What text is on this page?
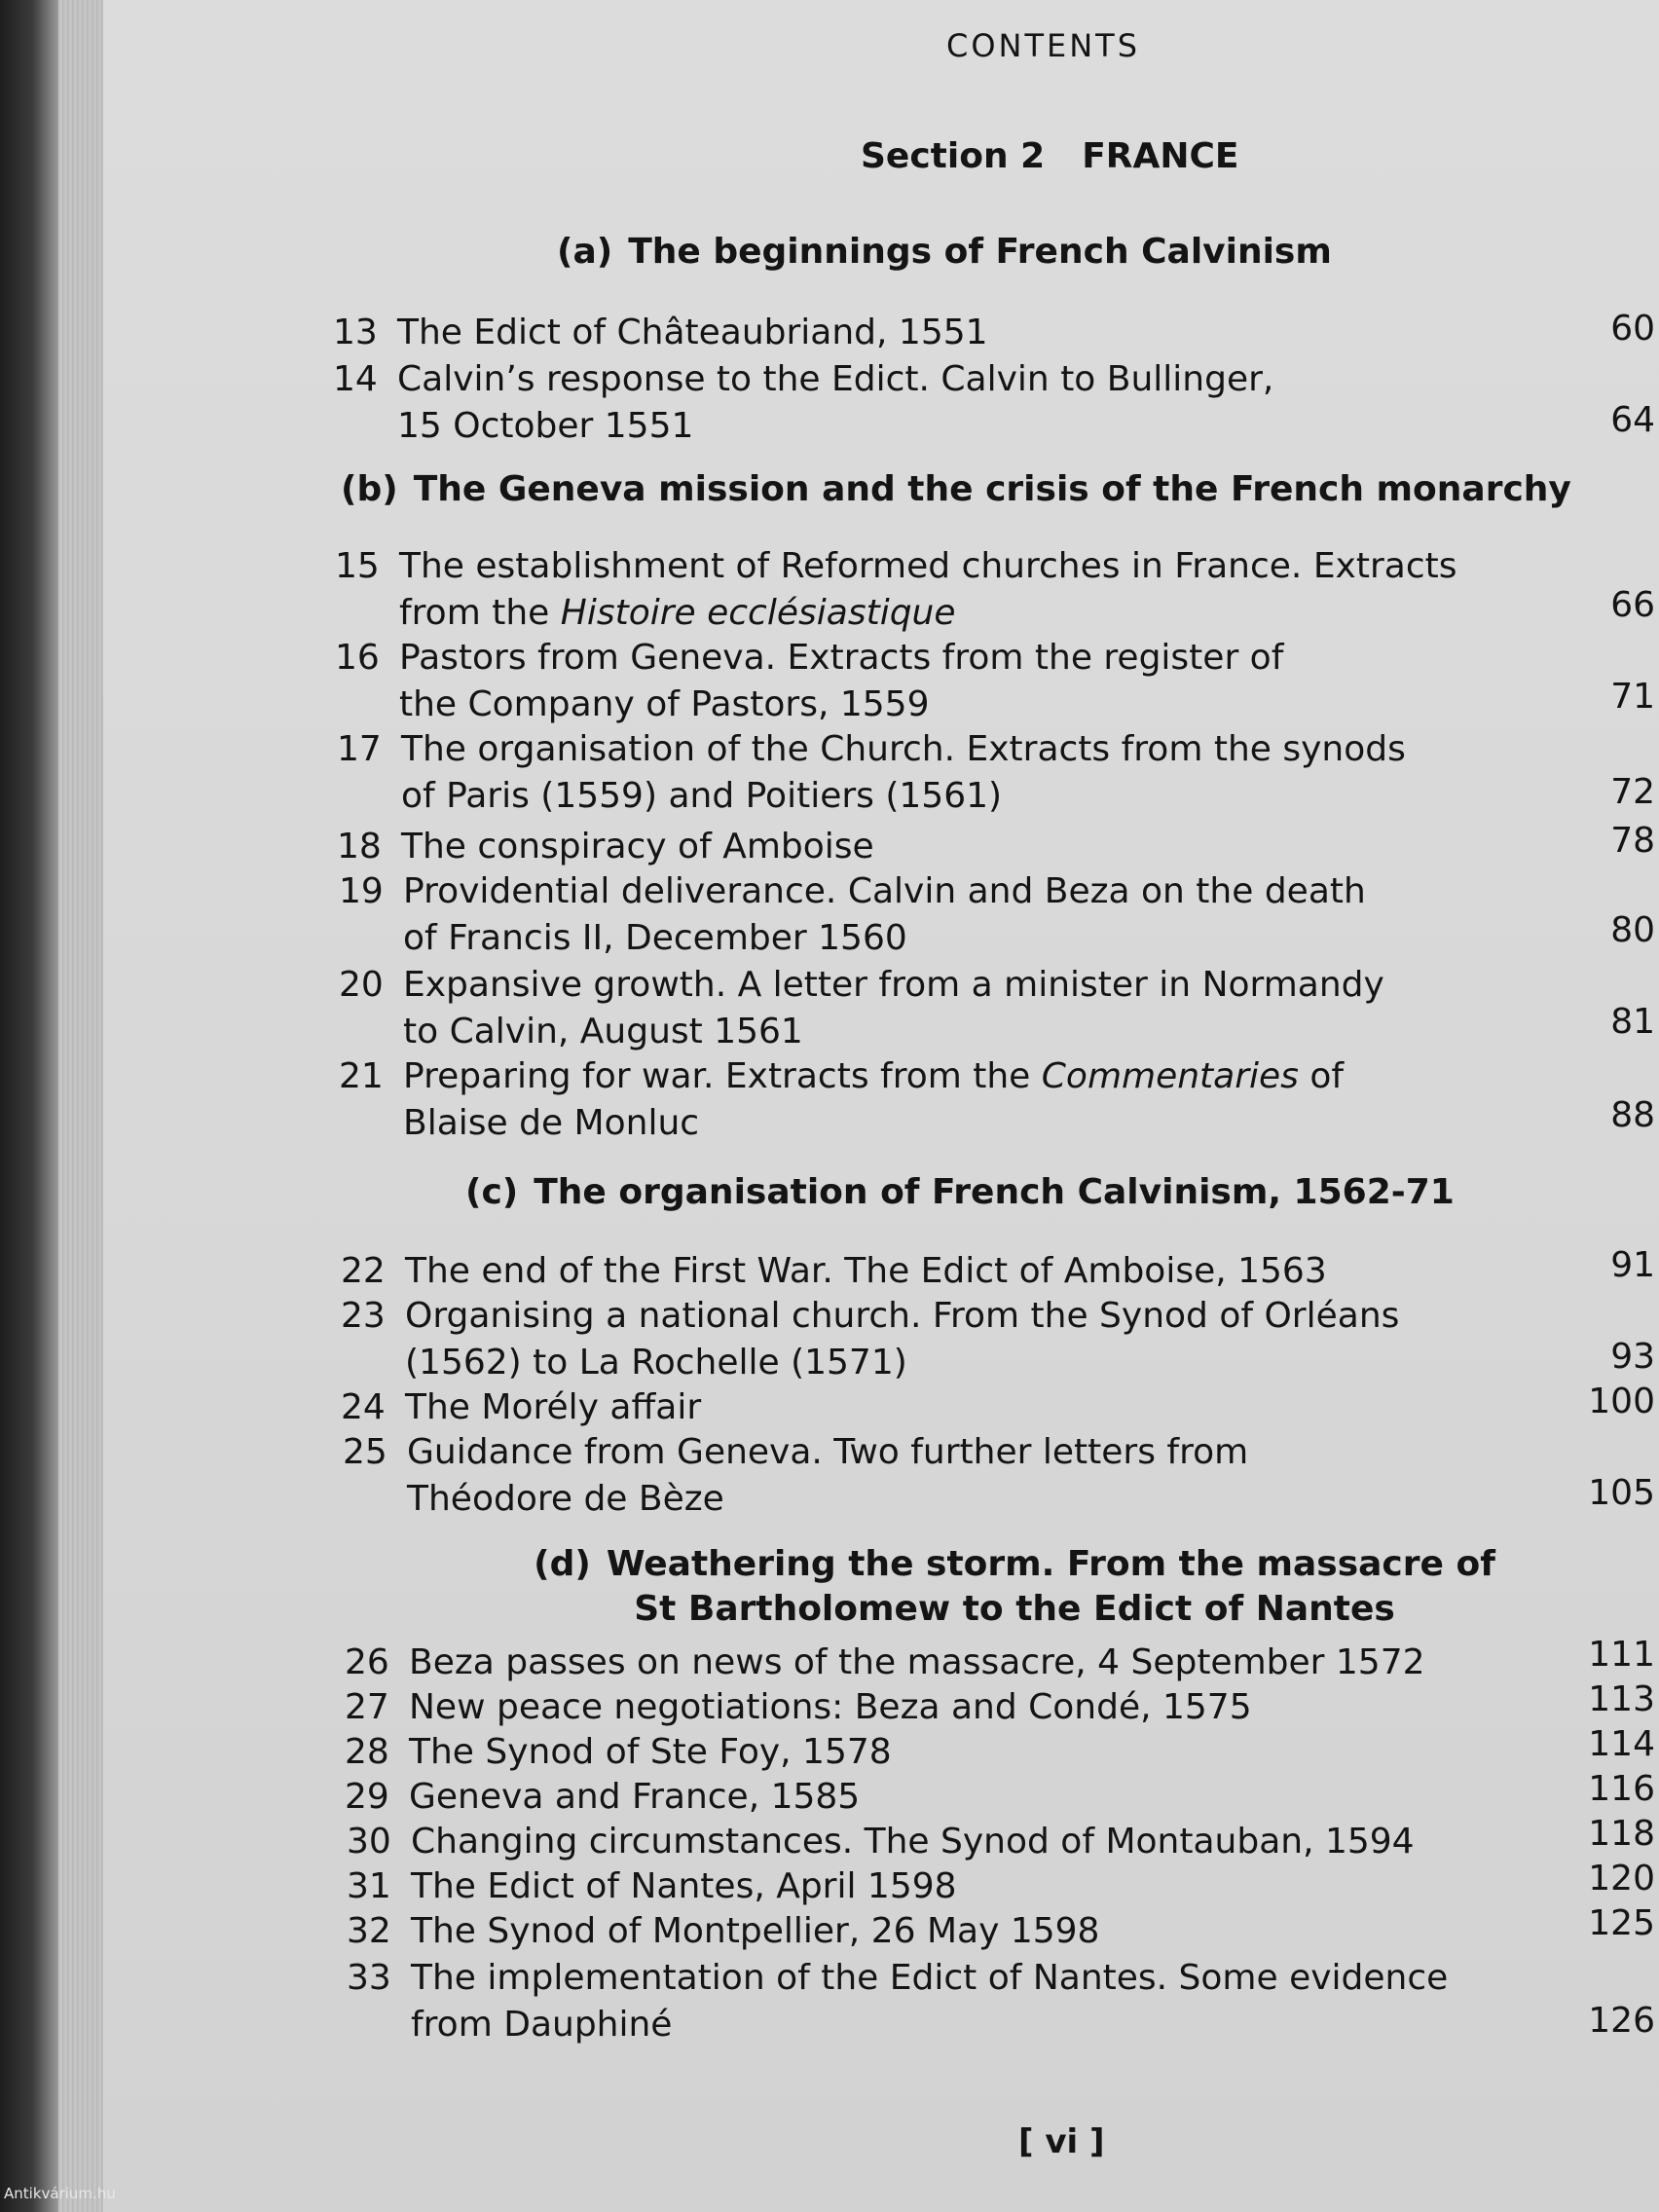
CONTENTS
Section 2 FRANCE
(a) The beginnings of French Calvinism
13 The Edict of Châteaubriand, 1551	60
14 Calvin’s response to the Edict. Calvin to Bullinger,
15 October 1551	64
(b) The Geneva mission and the crisis of the French monarchy
15 The establishment of Reformed churches in France. Extracts
from the Histoire ecclésiastique	66
16 Pastors from Geneva. Extracts from the register of
the Company of Pastors, 1559	71
17 The organisation of the Church. Extracts from the synods
of Paris (1559) and Poitiers (1561)	72
18 The conspiracy of Amboise	78
19 Providential deliverance. Calvin and Beza on the death
of Francis II, December 1560	80
20 Expansive growth. A letter from a minister in Normandy
to Calvin, August 1561	81
21 Preparing for war. Extracts from the Commentaries of
Blaise de Monluc	88
(c) The organisation of French Calvinism, 1562-71
22 The end of the First War. The Edict of Amboise, 1563	91
23 Organising a national church. From the Synod of Orléans
(1562) to La Rochelle (1571)	93
24 The Morély affair	100
25 Guidance from Geneva. Two further letters from
Théodore de Bèze	105
(d) Weathering the storm. From the massacre of
St Bartholomew to the Edict of Nantes
26 Beza passes on news of the massacre, 4 September 1572	111
27 New peace negotiations: Beza and Condé, 1575	113
28 The Synod of Ste Foy, 1578	114
29 Geneva and France, 1585	116
30 Changing circumstances. The Synod of Montauban, 1594	118
31 The Edict of Nantes, April 1598	120
32 The Synod of Montpellier, 26 May 1598	125
33 The implementation of the Edict of Nantes. Some evidence
from Dauphiné	126
[ vi ]
Antikvárium.hu
